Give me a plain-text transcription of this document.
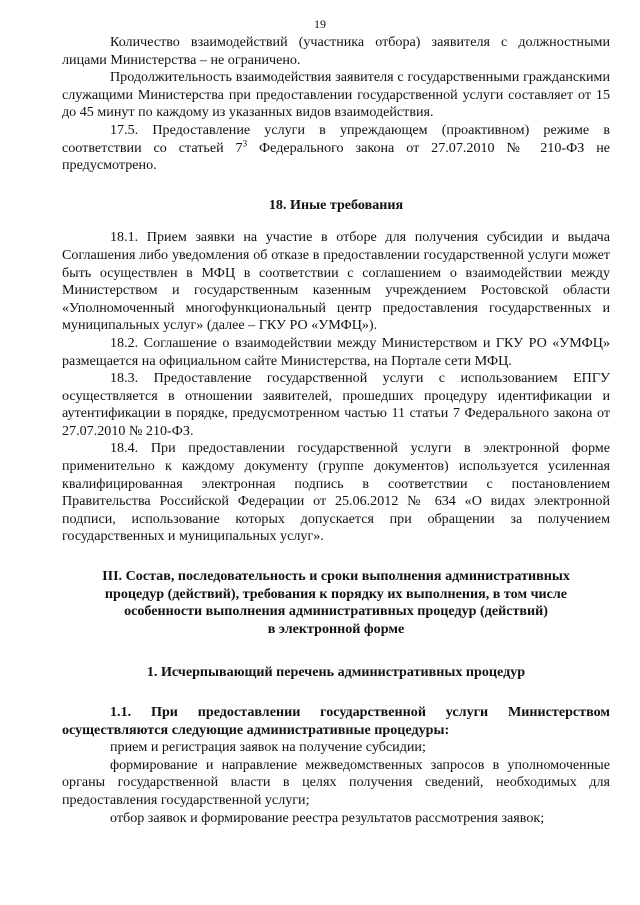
19

Количество взаимодействий (участника отбора) заявителя с должностными лицами Министерства – не ограничено.

Продолжительность взаимодействия заявителя с государственными гражданскими служащими Министерства при предоставлении государственной услуги составляет от 15 до 45 минут по каждому из указанных видов взаимодействия.

17.5. Предоставление услуги в упреждающем (проактивном) режиме в соответствии со статьей $7^3$ Федерального закона от 27.07.2010 № 210-ФЗ не предусмотрено.

18. Иные требования

18.1. Прием заявки на участие в отборе для получения субсидии и выдача Соглашения либо уведомления об отказе в предоставлении государственной услуги может быть осуществлен в МФЦ в соответствии с соглашением о взаимодействии между Министерством и государственным казенным учреждением Ростовской области «Уполномоченный многофункциональный центр предоставления государственных и муниципальных услуг» (далее – ГКУ РО «УМФЦ»).

18.2. Соглашение о взаимодействии между Министерством и ГКУ РО «УМФЦ» размещается на официальном сайте Министерства, на Портале сети МФЦ.

18.3. Предоставление государственной услуги с использованием ЕПГУ осуществляется в отношении заявителей, прошедших процедуру идентификации и аутентификации в порядке, предусмотренном частью 11 статьи 7 Федерального закона от 27.07.2010 № 210-ФЗ.

18.4. При предоставлении государственной услуги в электронной форме применительно к каждому документу (группе документов) используется усиленная квалифицированная электронная подпись в соответствии с постановлением Правительства Российской Федерации от 25.06.2012 № 634 «О видах электронной подписи, использование которых допускается при обращении за получением государственных и муниципальных услуг».

III. Состав, последовательность и сроки выполнения административных
процедур (действий), требования к порядку их выполнения, в том числе
особенности выполнения административных процедур (действий)
в электронной форме
1. Исчерпывающий перечень административных процедур

1.1. При предоставлении государственной услуги Министерством осуществляются следующие административные процедуры:

прием и регистрация заявок на получение субсидии;

формирование и направление межведомственных запросов в уполномоченные органы государственной власти в целях получения сведений, необходимых для предоставления государственной услуги;

отбор заявок и формирование реестра результатов рассмотрения заявок;
